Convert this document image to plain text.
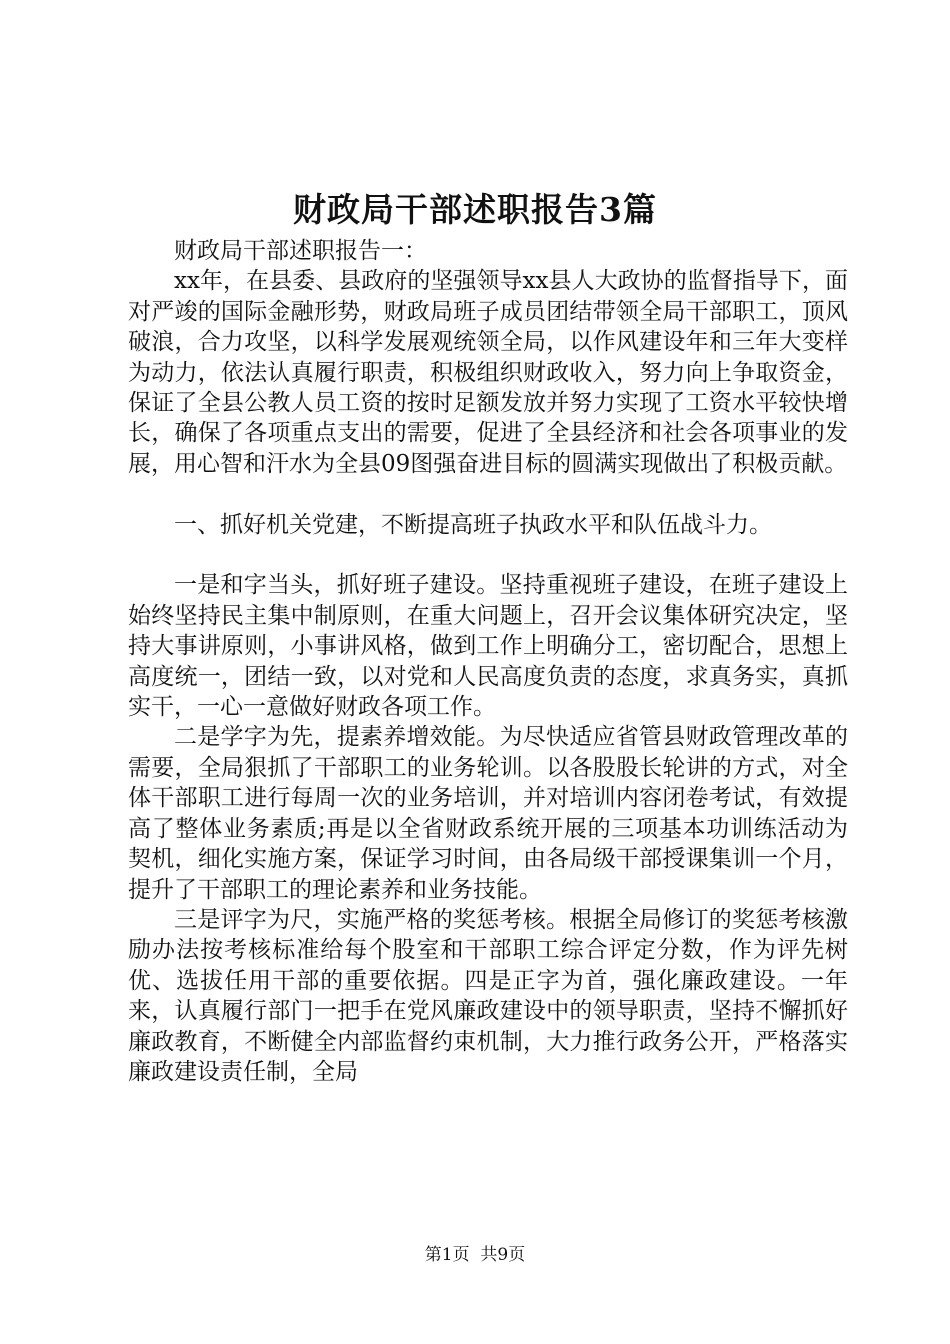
财政局干部述职报告3篇

财政局干部述职报告一：

xx年，在县委、县政府的坚强领导xx县人大政协的监督指导下，面对严竣的国际金融形势，财政局班子成员团结带领全局干部职工，顶风破浪，合力攻坚，以科学发展观统领全局，以作风建设年和三年大变样为动力，依法认真履行职责，积极组织财政收入，努力向上争取资金，保证了全县公教人员工资的按时足额发放并努力实现了工资水平较快增长，确保了各项重点支出的需要，促进了全县经济和社会各项事业的发展，用心智和汗水为全县09图强奋进目标的圆满实现做出了积极贡献。

一、抓好机关党建，不断提高班子执政水平和队伍战斗力。

一是和字当头，抓好班子建设。坚持重视班子建设，在班子建设上始终坚持民主集中制原则，在重大问题上，召开会议集体研究决定，坚持大事讲原则，小事讲风格，做到工作上明确分工，密切配合，思想上高度统一，团结一致，以对党和人民高度负责的态度，求真务实，真抓实干，一心一意做好财政各项工作。

二是学字为先，提素养增效能。为尽快适应省管县财政管理改革的需要，全局狠抓了干部职工的业务轮训。以各股股长轮讲的方式，对全体干部职工进行每周一次的业务培训，并对培训内容闭卷考试，有效提高了整体业务素质;再是以全省财政系统开展的三项基本功训练活动为契机，细化实施方案，保证学习时间，由各局级干部授课集训一个月，提升了干部职工的理论素养和业务技能。

三是评字为尺，实施严格的奖惩考核。根据全局修订的奖惩考核激励办法按考核标准给每个股室和干部职工综合评定分数，作为评先树优、选拔任用干部的重要依据。四是正字为首，强化廉政建设。一年来，认真履行部门一把手在党风廉政建设中的领导职责，坚持不懈抓好廉政教育，不断健全内部监督约束机制，大力推行政务公开，严格落实廉政建设责任制，全局

第1页 共9页
